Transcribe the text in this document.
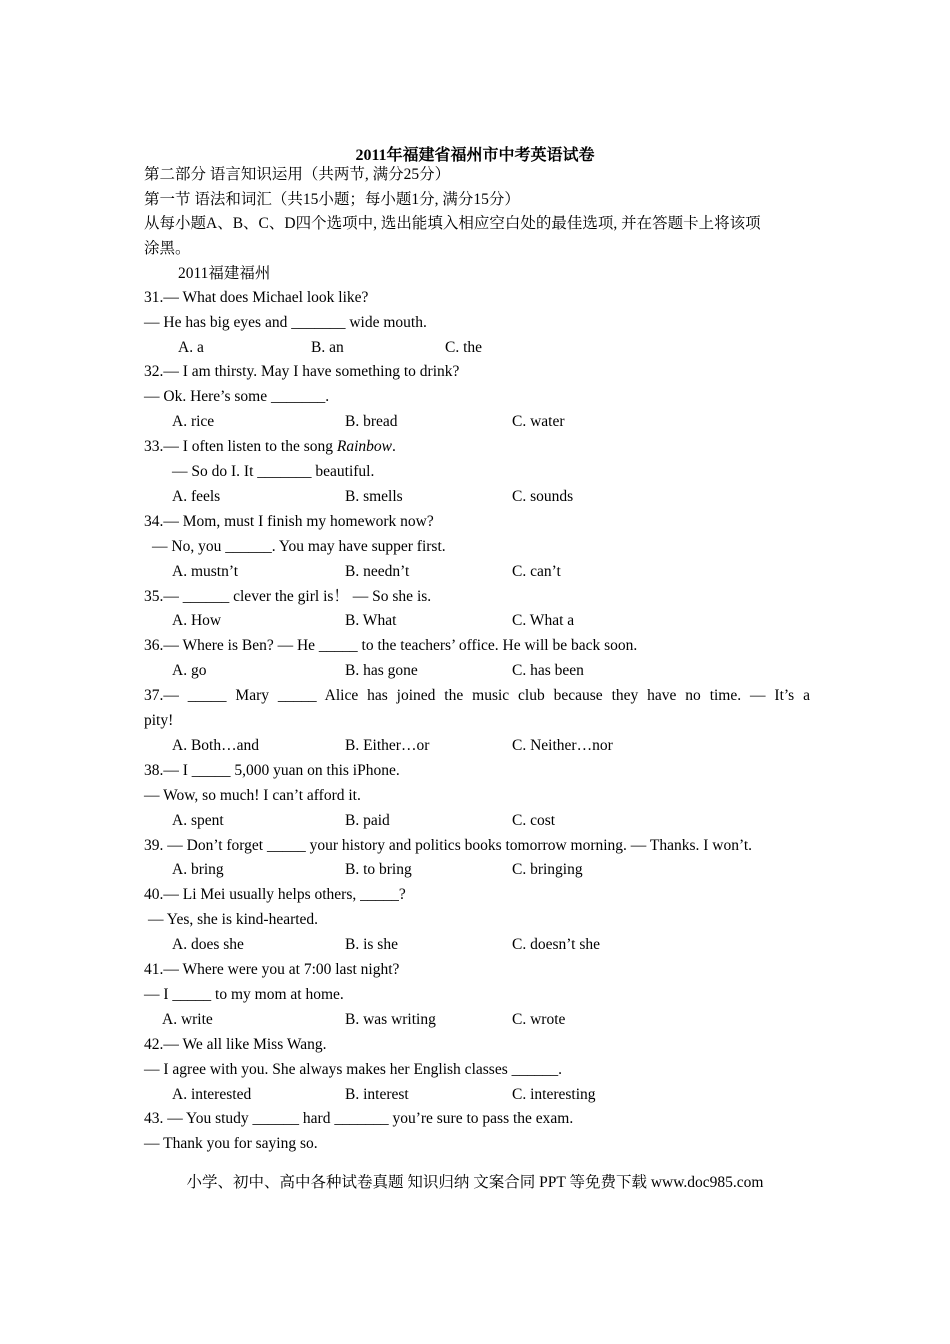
2011年福建省福州市中考英语试卷
第二部分 语言知识运用（共两节, 满分25分）
第一节 语法和词汇（共15小题；每小题1分, 满分15分）
从每小题A、B、C、D四个选项中, 选出能填入相应空白处的最佳选项, 并在答题卡上将该项
涂黑。
2011福建福州
31.— What does Michael look like?
— He has big eyes and _______ wide mouth.
A. a	B. an	C. the
32.— I am thirsty. May I have something to drink?
— Ok. Here’s some _______.
A. rice	B. bread	C. water
33.— I often listen to the song Rainbow.
— So do I. It _______ beautiful.
A. feels	B. smells	C. sounds
34.— Mom, must I finish my homework now?
— No, you ______. You may have supper first.
A. mustn’t	B. needn’t	C. can’t
35.— ______ clever the girl is！ — So she is.
A. How	B. What	C. What a
36.— Where is Ben? — He _____ to the teachers’ office. He will be back soon.
A. go	B. has gone	C. has been
37.— _____ Mary _____ Alice has joined the music club because they have no time. — It’s a
pity!
A. Both…and	B. Either…or	C. Neither…nor
38.— I _____ 5,000 yuan on this iPhone.
— Wow, so much! I can’t afford it.
A. spent	B. paid	C. cost
39. — Don’t forget _____ your history and politics books tomorrow morning. — Thanks. I won’t.
A. bring	B. to bring	C. bringing
40.— Li Mei usually helps others, _____?
— Yes, she is kind-hearted.
A. does she	B. is she	C. doesn’t she
41.— Where were you at 7:00 last night?
— I _____ to my mom at home.
A. write	B. was writing	C. wrote
42.— We all like Miss Wang.
— I agree with you. She always makes her English classes ______.
A. interested	B. interest	C. interesting
43. — You study ______ hard _______ you’re sure to pass the exam.
— Thank you for saying so.
小学、初中、高中各种试卷真题 知识归纳 文案合同 PPT 等免费下载 www.doc985.com
